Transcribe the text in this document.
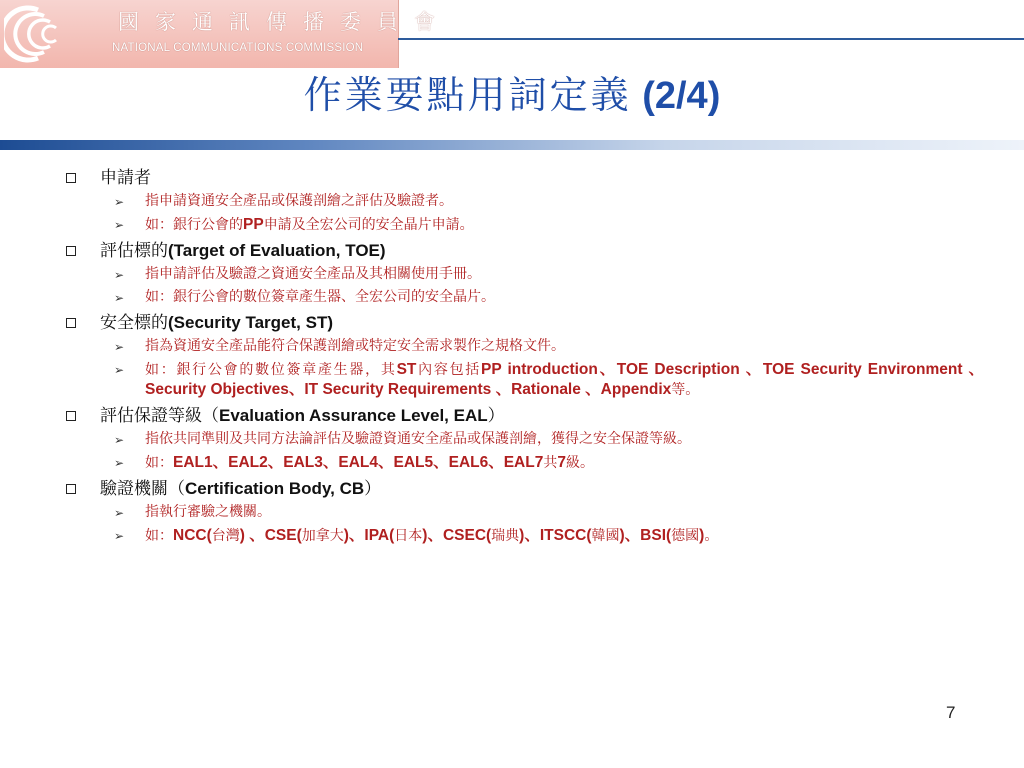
國家通訊傳播委員會
NATIONAL COMMUNICATIONS COMMISSION
作業要點用詞定義 (2/4)
申請者
➢ 指申請資通安全產品或保護剖繪之評估及驗證者。
➢ 如：銀行公會的PP申請及全宏公司的安全晶片申請。
評估標的(Target of Evaluation, TOE)
➢ 指申請評估及驗證之資通安全產品及其相關使用手冊。
➢ 如：銀行公會的數位簽章產生器、全宏公司的安全晶片。
安全標的(Security Target, ST)
➢ 指為資通安全產品能符合保護剖繪或特定安全需求製作之規格文件。
➢ 如：銀行公會的數位簽章產生器，其ST內容包括PP introduction、TOE Description 、TOE Security Environment 、 Security Objectives、IT Security Requirements 、Rationale 、Appendix等。
評估保證等級（Evaluation Assurance Level, EAL）
➢ 指依共同準則及共同方法論評估及驗證資通安全產品或保護剖繪，獲得之安全保證等級。
➢ 如：EAL1、EAL2、EAL3、EAL4、EAL5、EAL6、EAL7共7級。
驗證機關（Certification Body, CB）
➢ 指執行審驗之機關。
➢ 如：NCC(台灣) 、CSE(加拿大)、IPA(日本)、CSEC(瑞典)、ITSCC(韓國)、BSI(德國)。
7
